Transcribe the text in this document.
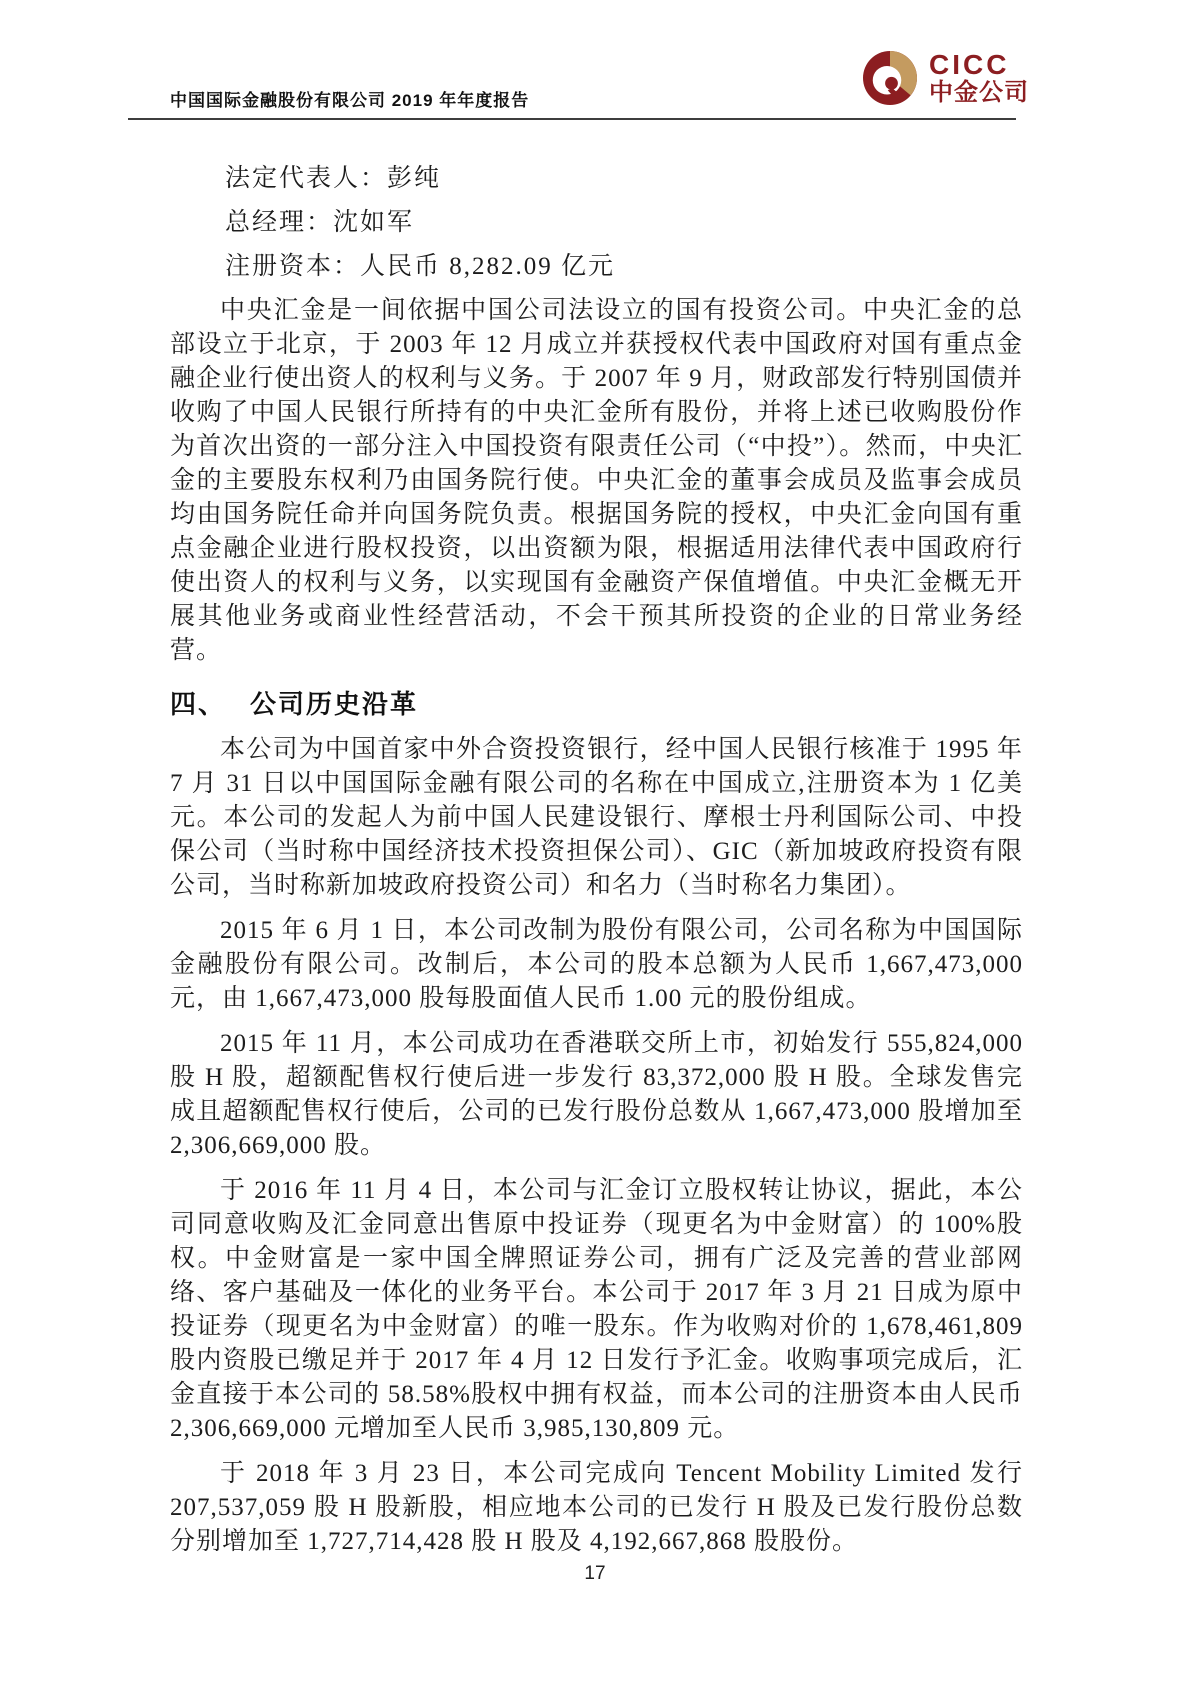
中国国际金融股份有限公司 2019 年年度报告
CICC
中金公司

法定代表人：彭纯

总经理：沈如军

注册资本：人民币 8,282.09 亿元

中央汇金是一间依据中国公司法设立的国有投资公司。中央汇金的总部设立于北京，于 2003 年 12 月成立并获授权代表中国政府对国有重点金融企业行使出资人的权利与义务。于 2007 年 9 月，财政部发行特别国债并收购了中国人民银行所持有的中央汇金所有股份，并将上述已收购股份作为首次出资的一部分注入中国投资有限责任公司（“中投”）。然而，中央汇金的主要股东权利乃由国务院行使。中央汇金的董事会成员及监事会成员均由国务院任命并向国务院负责。根据国务院的授权，中央汇金向国有重点金融企业进行股权投资，以出资额为限，根据适用法律代表中国政府行使出资人的权利与义务，以实现国有金融资产保值增值。中央汇金概无开展其他业务或商业性经营活动，不会干预其所投资的企业的日常业务经营。

四、 公司历史沿革

本公司为中国首家中外合资投资银行，经中国人民银行核准于 1995 年 7 月 31 日以中国国际金融有限公司的名称在中国成立,注册资本为 1 亿美元。本公司的发起人为前中国人民建设银行、摩根士丹利国际公司、中投保公司（当时称中国经济技术投资担保公司）、GIC（新加坡政府投资有限公司，当时称新加坡政府投资公司）和名力（当时称名力集团）。

2015 年 6 月 1 日，本公司改制为股份有限公司，公司名称为中国国际金融股份有限公司。改制后，本公司的股本总额为人民币 1,667,473,000 元，由 1,667,473,000 股每股面值人民币 1.00 元的股份组成。

2015 年 11 月，本公司成功在香港联交所上市，初始发行 555,824,000 股 H 股，超额配售权行使后进一步发行 83,372,000 股 H 股。全球发售完成且超额配售权行使后，公司的已发行股份总数从 1,667,473,000 股增加至 2,306,669,000 股。

于 2016 年 11 月 4 日，本公司与汇金订立股权转让协议，据此，本公司同意收购及汇金同意出售原中投证券（现更名为中金财富）的 100%股权。中金财富是一家中国全牌照证券公司，拥有广泛及完善的营业部网络、客户基础及一体化的业务平台。本公司于 2017 年 3 月 21 日成为原中投证券（现更名为中金财富）的唯一股东。作为收购对价的 1,678,461,809 股内资股已缴足并于 2017 年 4 月 12 日发行予汇金。收购事项完成后，汇金直接于本公司的 58.58%股权中拥有权益，而本公司的注册资本由人民币 2,306,669,000 元增加至人民币 3,985,130,809 元。

于 2018 年 3 月 23 日，本公司完成向 Tencent Mobility Limited 发行 207,537,059 股 H 股新股，相应地本公司的已发行 H 股及已发行股份总数分别增加至 1,727,714,428 股 H 股及 4,192,667,868 股股份。

17
